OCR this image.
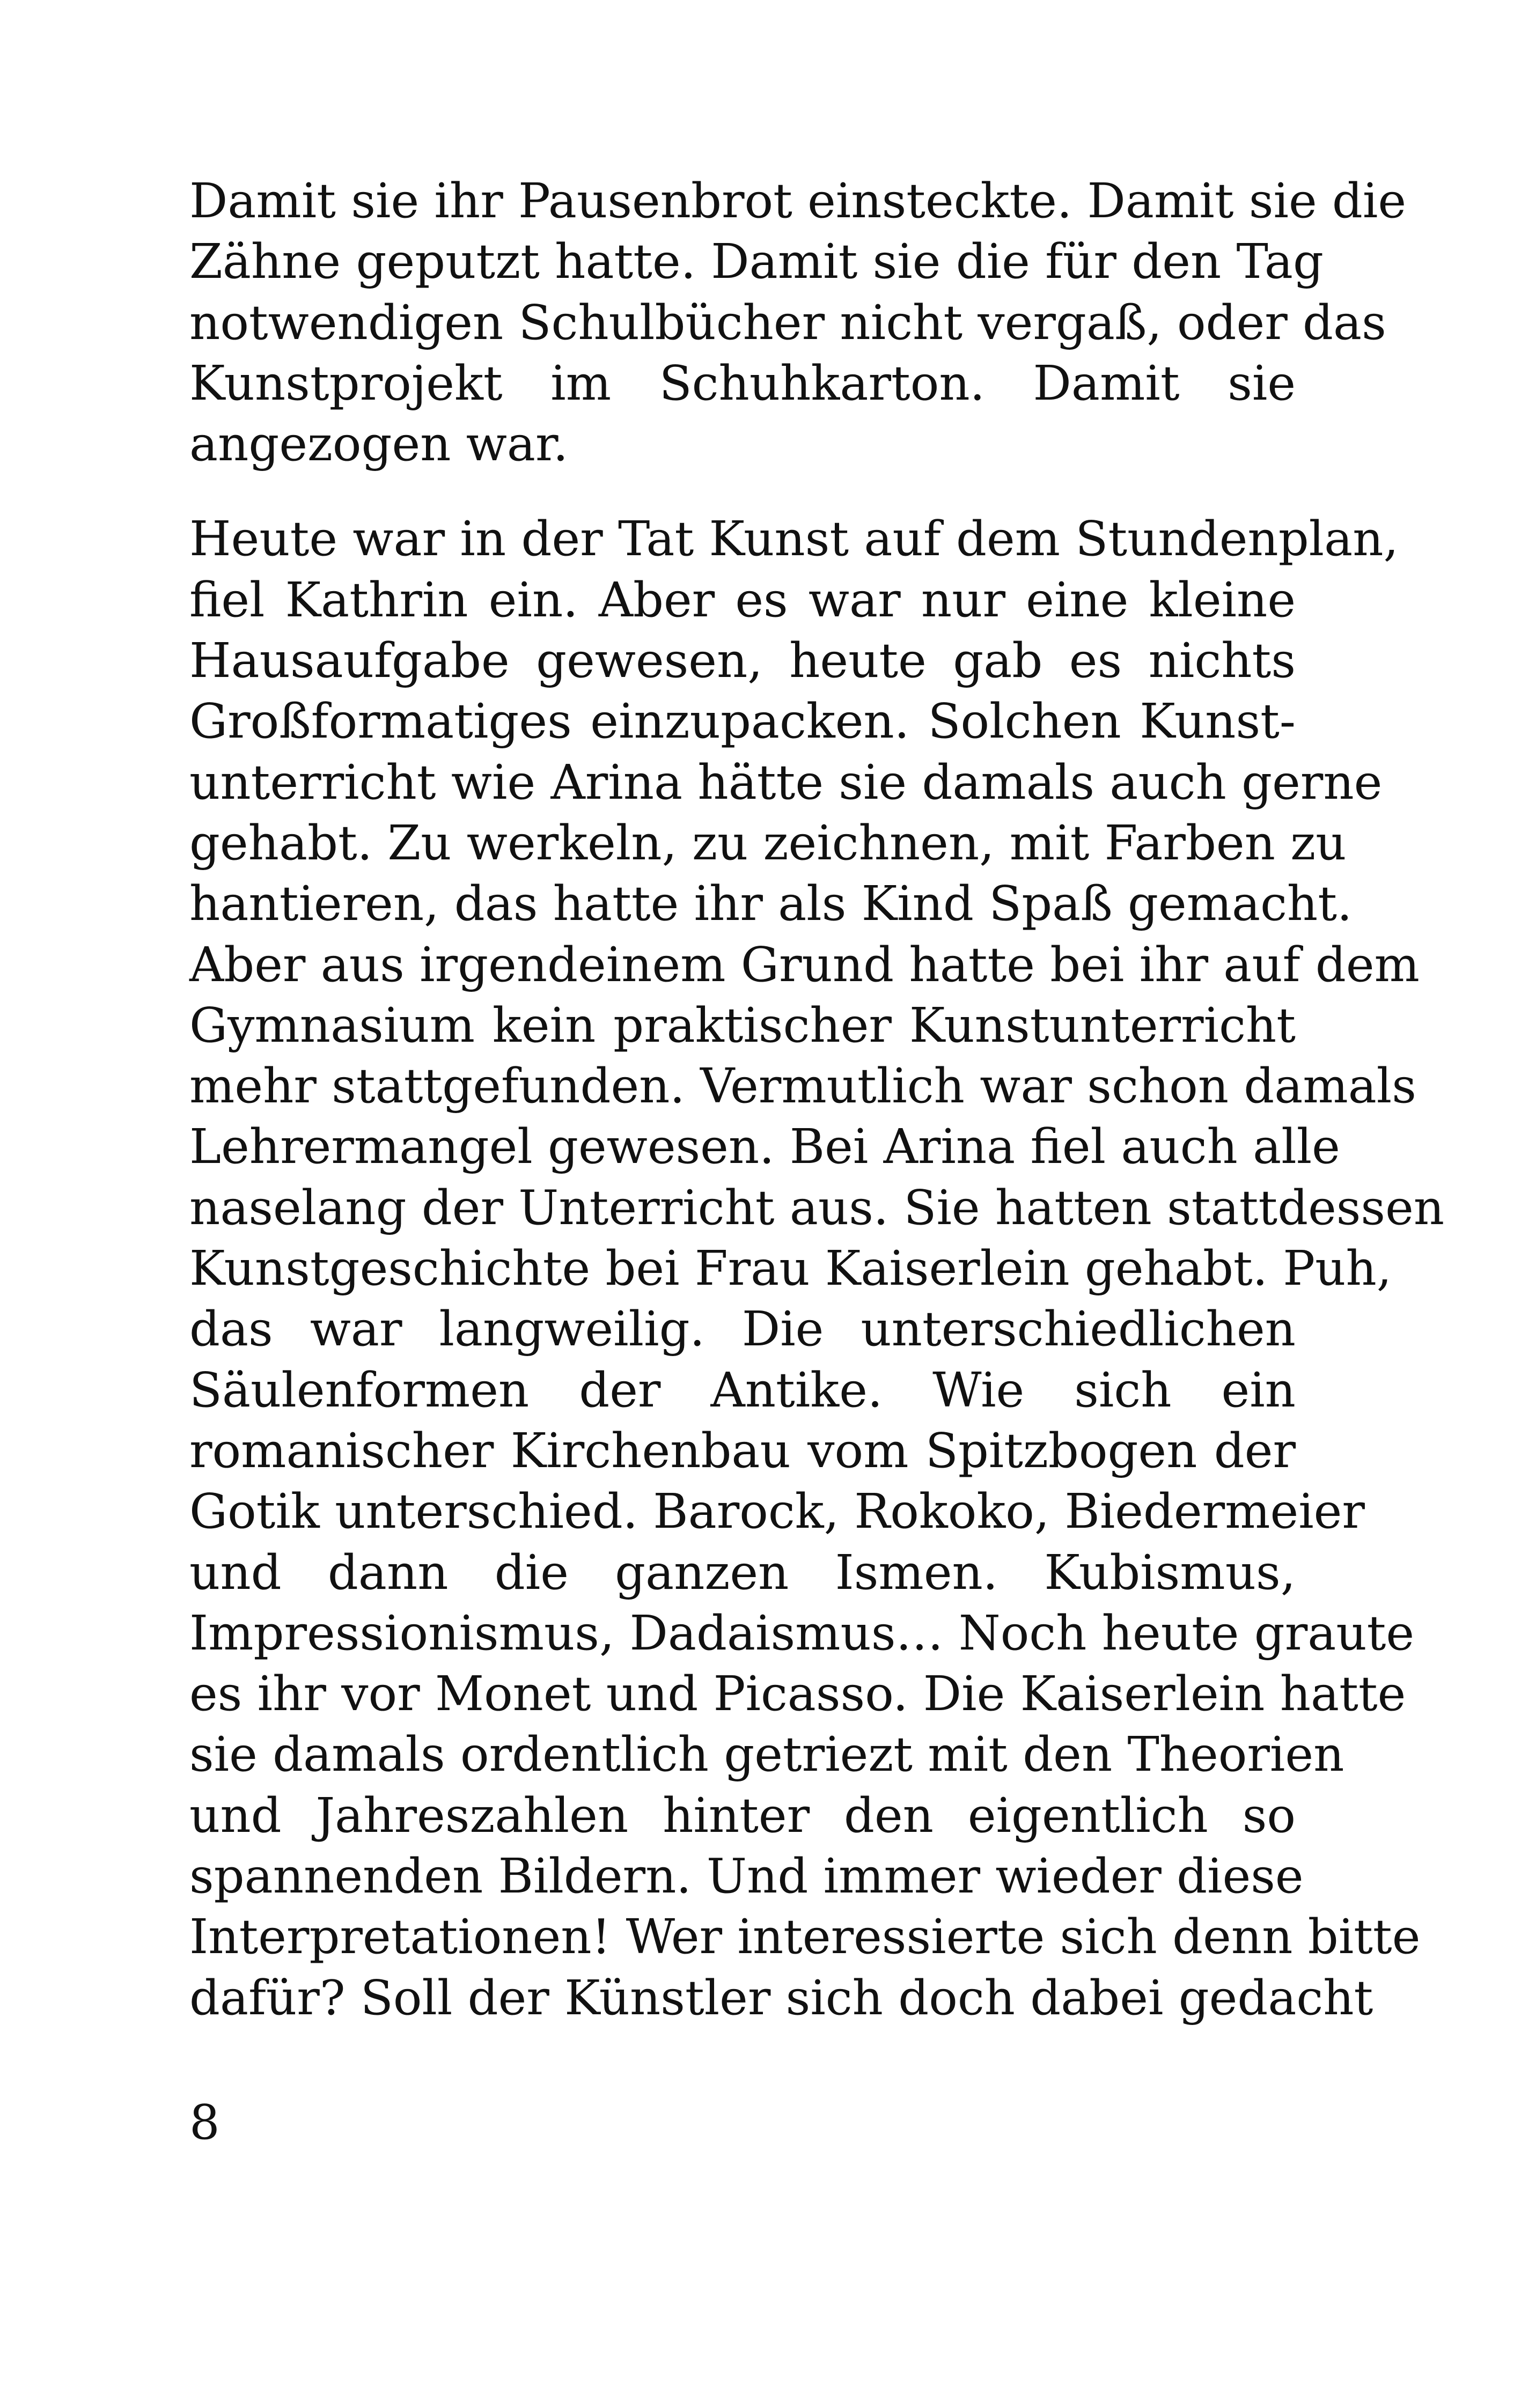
Damit sie ihr Pausenbrot einsteckte. Damit sie die
Zähne geputzt hatte. Damit sie die für den Tag
notwendigen Schulbücher nicht vergaß, oder das
Kunstprojekt im Schuhkarton. Damit sie
angezogen war.

Heute war in der Tat Kunst auf dem Stundenplan,
fiel Kathrin ein. Aber es war nur eine kleine
Hausaufgabe gewesen, heute gab es nichts
Großformatiges einzupacken. Solchen Kunst-
unterricht wie Arina hätte sie damals auch gerne
gehabt. Zu werkeln, zu zeichnen, mit Farben zu
hantieren, das hatte ihr als Kind Spaß gemacht.
Aber aus irgendeinem Grund hatte bei ihr auf dem
Gymnasium kein praktischer Kunstunterricht
mehr stattgefunden. Vermutlich war schon damals
Lehrermangel gewesen. Bei Arina fiel auch alle
naselang der Unterricht aus. Sie hatten stattdessen
Kunstgeschichte bei Frau Kaiserlein gehabt. Puh,
das war langweilig. Die unterschiedlichen
Säulenformen der Antike. Wie sich ein
romanischer Kirchenbau vom Spitzbogen der
Gotik unterschied. Barock, Rokoko, Biedermeier
und dann die ganzen Ismen. Kubismus,
Impressionismus, Dadaismus… Noch heute graute
es ihr vor Monet und Picasso. Die Kaiserlein hatte
sie damals ordentlich getriezt mit den Theorien
und Jahreszahlen hinter den eigentlich so
spannenden Bildern. Und immer wieder diese
Interpretationen! Wer interessierte sich denn bitte
dafür? Soll der Künstler sich doch dabei gedacht

8
